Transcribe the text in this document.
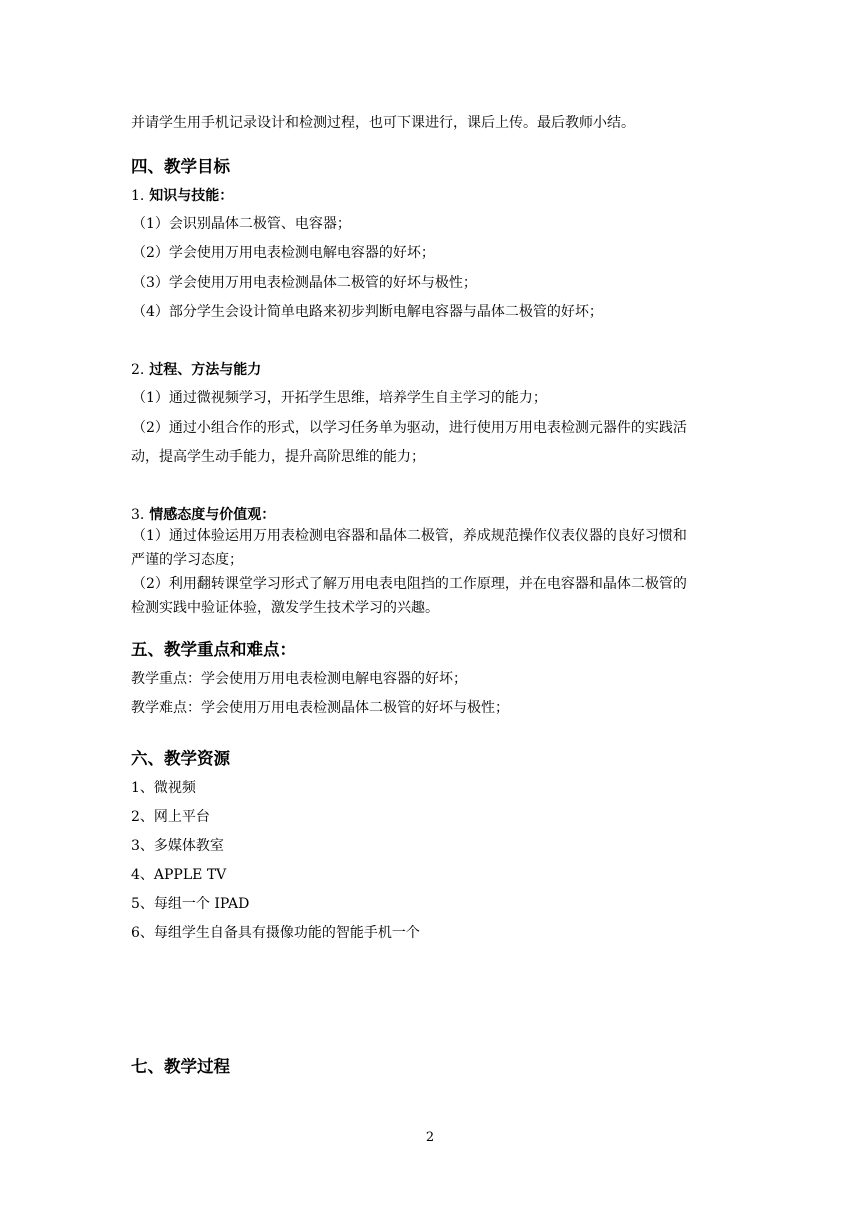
并请学生用手机记录设计和检测过程，也可下课进行，课后上传。最后教师小结。
四、教学目标
1. 知识与技能：
（1）会识别晶体二极管、电容器；
（2）学会使用万用电表检测电解电容器的好坏；
（3）学会使用万用电表检测晶体二极管的好坏与极性；
（4）部分学生会设计简单电路来初步判断电解电容器与晶体二极管的好坏；
2. 过程、方法与能力
（1）通过微视频学习，开拓学生思维，培养学生自主学习的能力；
（2）通过小组合作的形式，以学习任务单为驱动，进行使用万用电表检测元器件的实践活
动，提高学生动手能力，提升高阶思维的能力；
3. 情感态度与价值观：
（1）通过体验运用万用表检测电容器和晶体二极管，养成规范操作仪表仪器的良好习惯和
严谨的学习态度；
（2）利用翻转课堂学习形式了解万用电表电阻挡的工作原理，并在电容器和晶体二极管的
检测实践中验证体验，激发学生技术学习的兴趣。
五、教学重点和难点：
教学重点：学会使用万用电表检测电解电容器的好坏；
教学难点：学会使用万用电表检测晶体二极管的好坏与极性；
六、教学资源
1、微视频
2、网上平台
3、多媒体教室
4、APPLE TV
5、每组一个 IPAD
6、每组学生自备具有摄像功能的智能手机一个
七、教学过程
2
